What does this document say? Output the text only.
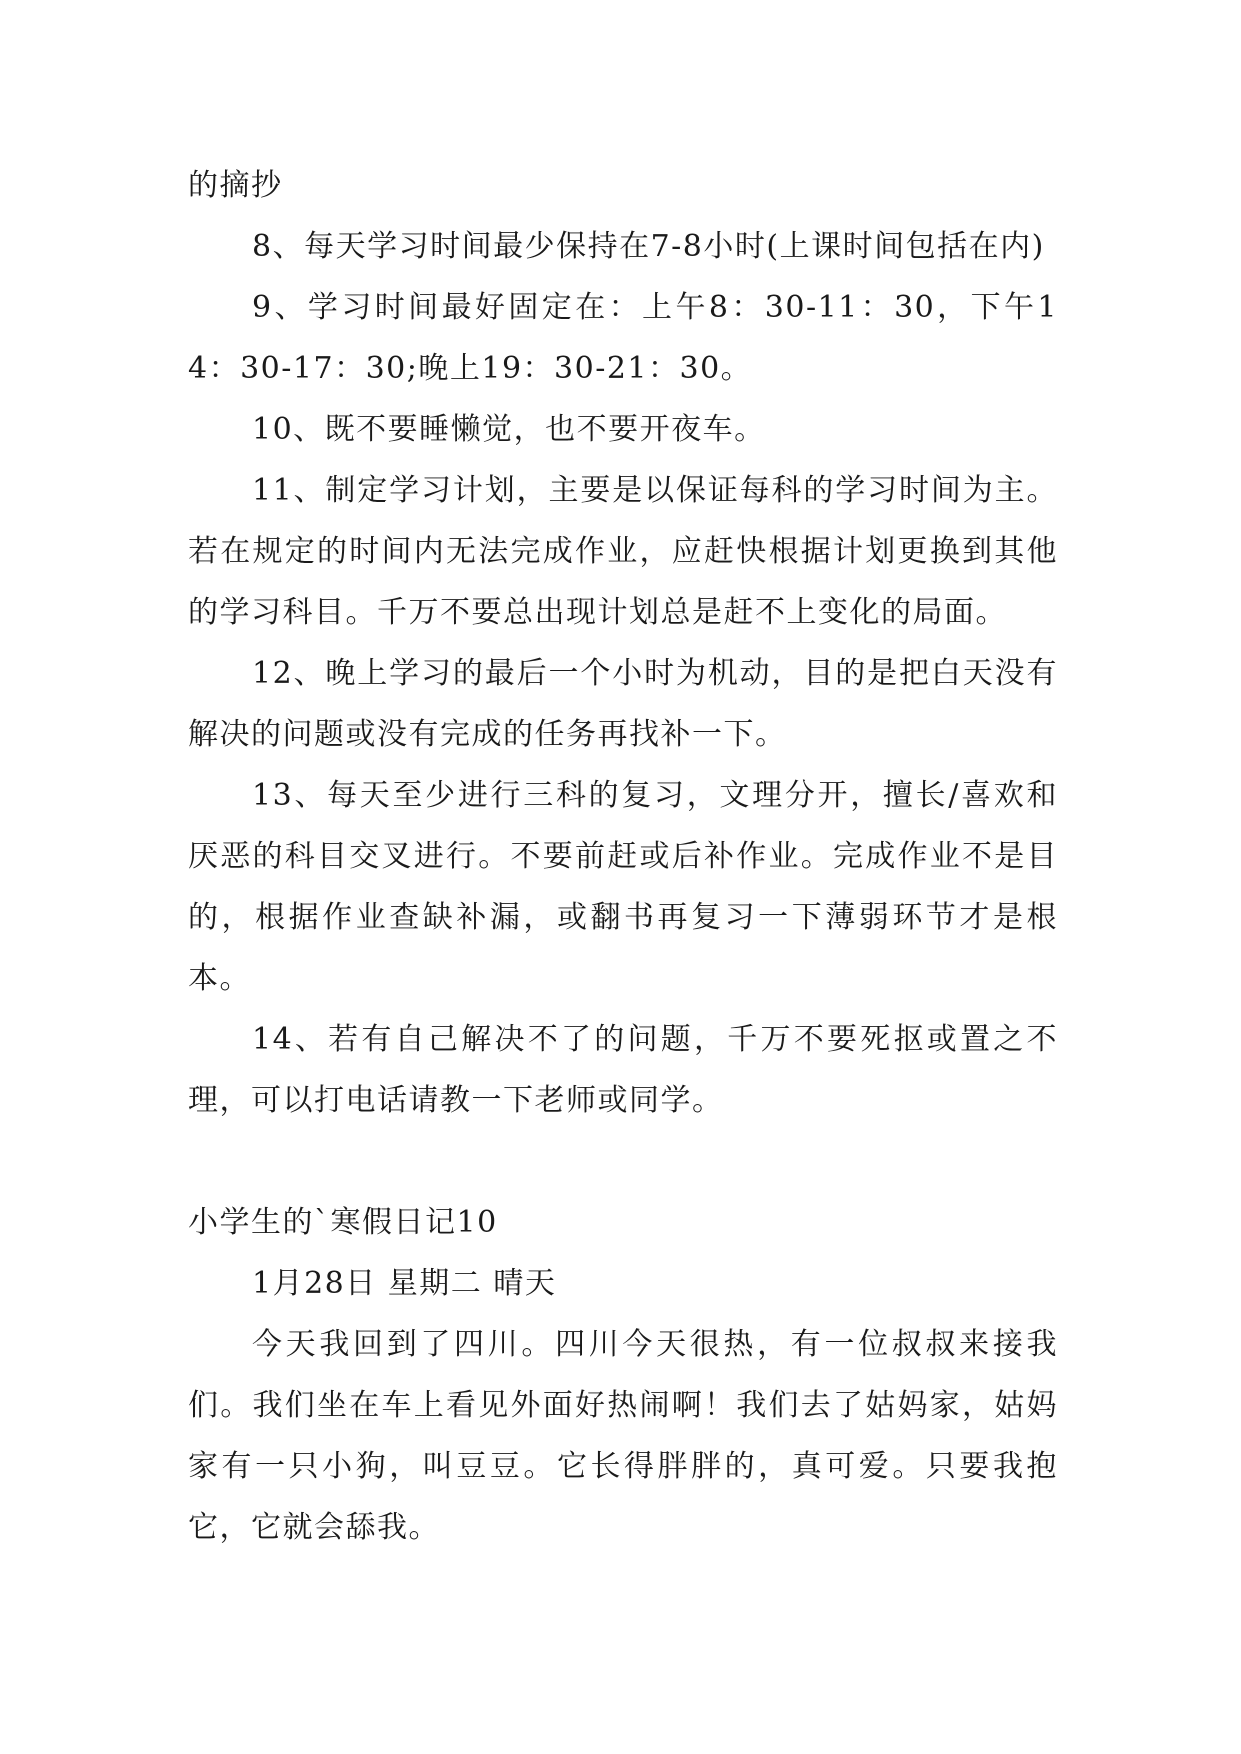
的摘抄

8、每天学习时间最少保持在7-8小时(上课时间包括在内)

9、学习时间最好固定在：上午8：30-11：30，下午14：30-17：30;晚上19：30-21：30。

10、既不要睡懒觉，也不要开夜车。

11、制定学习计划，主要是以保证每科的学习时间为主。若在规定的时间内无法完成作业，应赶快根据计划更换到其他的学习科目。千万不要总出现计划总是赶不上变化的局面。

12、晚上学习的最后一个小时为机动，目的是把白天没有解决的问题或没有完成的任务再找补一下。

13、每天至少进行三科的复习，文理分开，擅长/喜欢和厌恶的科目交叉进行。不要前赶或后补作业。完成作业不是目的，根据作业查缺补漏，或翻书再复习一下薄弱环节才是根本。

14、若有自己解决不了的问题，千万不要死抠或置之不理，可以打电话请教一下老师或同学。

小学生的`寒假日记10

1月28日 星期二 晴天

今天我回到了四川。四川今天很热，有一位叔叔来接我们。我们坐在车上看见外面好热闹啊！我们去了姑妈家，姑妈家有一只小狗，叫豆豆。它长得胖胖的，真可爱。只要我抱它，它就会舔我。
